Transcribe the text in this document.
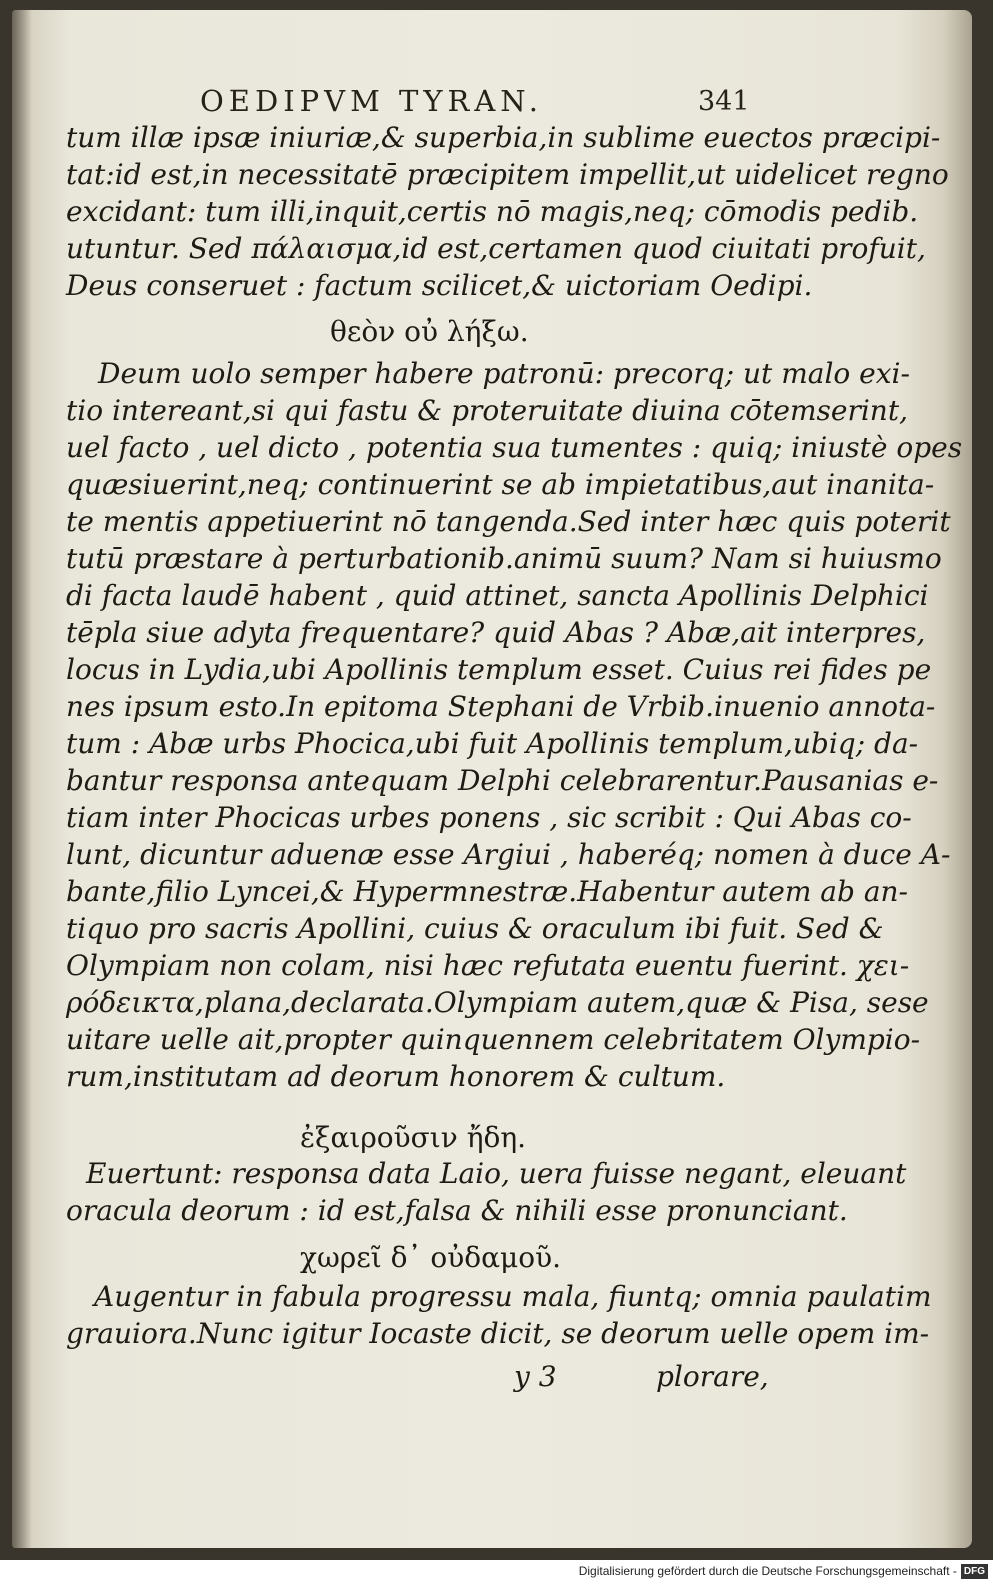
OEDIPVM TYRAN.	341
tum illæ ipsæ iniuriæ,& superbia,in sublime euectos præcipi-
tat:id est,in necessitatē præcipitem impellit,ut uidelicet regno
excidant: tum illi,inquit,certis nō magis,neq; cōmodis pedib.
utuntur. Sed πάλαισμα,id est,certamen quod ciuitati profuit,
Deus conseruet : factum scilicet,& uictoriam Oedipi.
θεὸν οὐ λήξω.
Deum uolo semper habere patronū: precorq; ut malo exi-
tio intereant,si qui fastu & proteruitate diuina cōtemserint,
uel facto , uel dicto , potentia sua tumentes : quiq; iniustè opes
quæsiuerint,neq; continuerint se ab impietatibus,aut inanita-
te mentis appetiuerint nō tangenda.Sed inter hæc quis poterit
tutū præstare à perturbationib.animū suum? Nam si huiusmo
di facta laudē habent , quid attinet, sancta Apollinis Delphici
tēpla siue adyta frequentare? quid Abas ? Abæ,ait interpres,
locus in Lydia,ubi Apollinis templum esset. Cuius rei fides pe
nes ipsum esto.In epitoma Stephani de Vrbib.inuenio annota-
tum : Abæ urbs Phocica,ubi fuit Apollinis templum,ubiq; da-
bantur responsa antequam Delphi celebrarentur.Pausanias e-
tiam inter Phocicas urbes ponens , sic scribit : Qui Abas co-
lunt, dicuntur aduenæ esse Argiui , haberéq; nomen à duce A-
bante,filio Lyncei,& Hypermnestræ.Habentur autem ab an-
tiquo pro sacris Apollini, cuius & oraculum ibi fuit. Sed &
Olympiam non colam, nisi hæc refutata euentu fuerint. χει-
ρόδεικτα,plana,declarata.Olympiam autem,quæ & Pisa, sese
uitare uelle ait,propter quinquennem celebritatem Olympio-
rum,institutam ad deorum honorem & cultum.
ἐξαιροῦσιν ἤδη.
Euertunt: responsa data Laio, uera fuisse negant, eleuant
oracula deorum : id est,falsa & nihili esse pronunciant.
χωρεῖ δ᾽ οὐδαμοῦ.
Augentur in fabula progressu mala, fiuntq; omnia paulatim
grauiora.Nunc igitur Iocaste dicit, se deorum uelle opem im-
y 3	plorare,
Digitalisierung gefördert durch die Deutsche Forschungsgemeinschaft - DFG
